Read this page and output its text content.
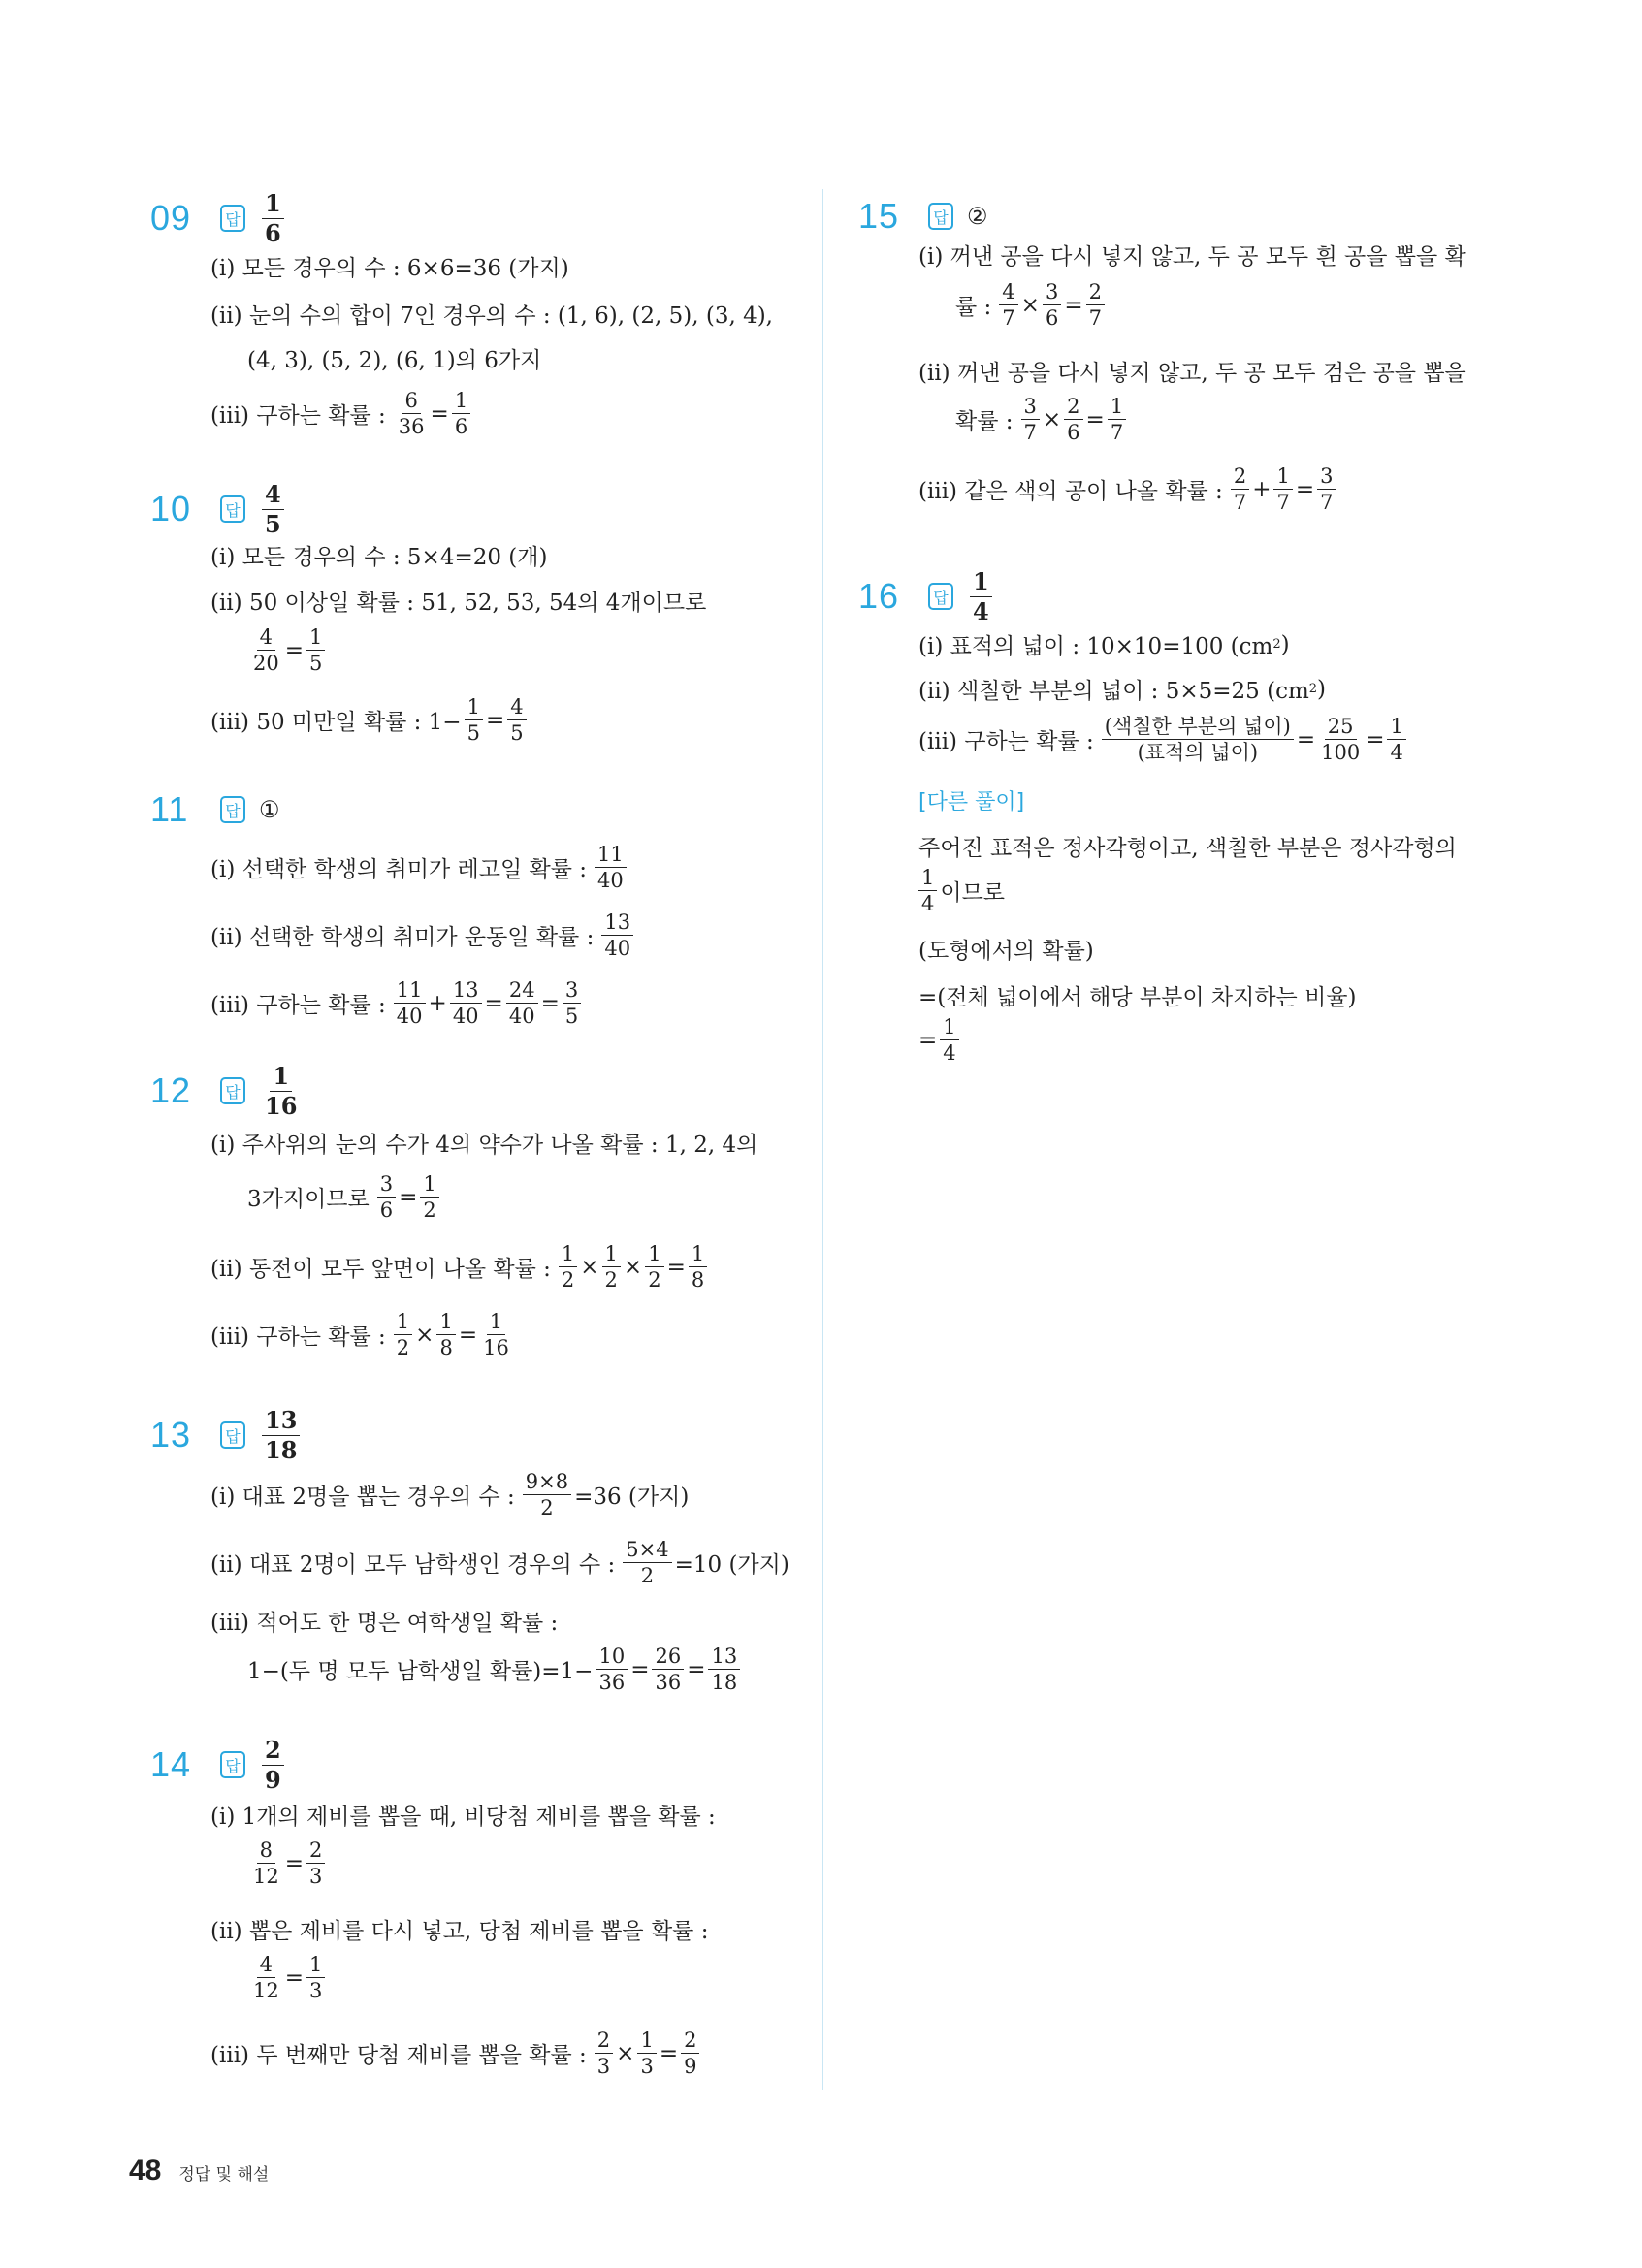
09	답 $\frac{1}{6}$
(ⅰ) 모든 경우의 수 : 6×6=36 (가지)
(ⅱ) 눈의 수의 합이 7인 경우의 수 : (1, 6), (2, 5), (3, 4),
(4, 3), (5, 2), (6, 1)의 6가지
(ⅲ) 구하는 확률 : $\frac{6}{36} = \frac{1}{6}$
10	답 $\frac{4}{5}$
(ⅰ) 모든 경우의 수 : 5×4=20 (개)
(ⅱ) 50 이상일 확률 : 51, 52, 53, 54의 4개이므로
$\frac{4}{20} = \frac{1}{5}$
(ⅲ) 50 미만일 확률 : $1- \frac{1}{5} = \frac{4}{5}$
11	답 ①
(ⅰ) 선택한 학생의 취미가 레고일 확률 : $\frac{11}{40}$
(ⅱ) 선택한 학생의 취미가 운동일 확률 : $\frac{13}{40}$
(ⅲ) 구하는 확률 : $\frac{11}{40} + \frac{13}{40} = \frac{24}{40} = \frac{3}{5}$
12	답 $\frac{1}{16}$
(ⅰ) 주사위의 눈의 수가 4의 약수가 나올 확률 : 1, 2, 4의
3가지이므로 $\frac{3}{6} = \frac{1}{2}$
(ⅱ) 동전이 모두 앞면이 나올 확률 : $\frac{1}{2} \times \frac{1}{2} \times \frac{1}{2} = \frac{1}{8}$
(ⅲ) 구하는 확률 : $\frac{1}{2} \times \frac{1}{8} = \frac{1}{16}$
13	답 $\frac{13}{18}$
(ⅰ) 대표 2명을 뽑는 경우의 수 : $\frac{9\times 8}{2} =36$ (가지)
(ⅱ) 대표 2명이 모두 남학생인 경우의 수 : $\frac{5\times 4}{2} =10$ (가지)
(ⅲ) 적어도 한 명은 여학생일 확률 :
1−(두 명 모두 남학생일 확률)$=1- \frac{10}{36} = \frac{26}{36} = \frac{13}{18}$
14	답 $\frac{2}{9}$
(ⅰ) 1개의 제비를 뽑을 때, 비당첨 제비를 뽑을 확률 :
$\frac{8}{12} = \frac{2}{3}$
(ⅱ) 뽑은 제비를 다시 넣고, 당첨 제비를 뽑을 확률 :
$\frac{4}{12} = \frac{1}{3}$
(ⅲ) 두 번째만 당첨 제비를 뽑을 확률 : $\frac{2}{3} \times \frac{1}{3} = \frac{2}{9}$
15	답 ②
(ⅰ) 꺼낸 공을 다시 넣지 않고, 두 공 모두 흰 공을 뽑을 확
률 : $\frac{4}{7} \times \frac{3}{6} = \frac{2}{7}$
(ⅱ) 꺼낸 공을 다시 넣지 않고, 두 공 모두 검은 공을 뽑을
확률 : $\frac{3}{7} \times \frac{2}{6} = \frac{1}{7}$
(ⅲ) 같은 색의 공이 나올 확률 : $\frac{2}{7} + \frac{1}{7} = \frac{3}{7}$
16	답 $\frac{1}{4}$
(ⅰ) 표적의 넓이 : 10×10=100 (cm 2 )
(ⅱ) 색칠한 부분의 넓이 : 5×5=25 (cm 2 )
(ⅲ) 구하는 확률 : $\frac{\text{(색칠한 부분의 넓이)}}{\text{(표적의 넓이)}} = \frac{25}{100} = \frac{1}{4}$
[다른 풀이]
주어진 표적은 정사각형이고, 색칠한 부분은 정사각형의
$\frac{1}{4}$ 이므로
(도형에서의 확률)
=(전체 넓이에서 해당 부분이 차지하는 비율)
= $\frac{1}{4}$
48 정답 및 해설
